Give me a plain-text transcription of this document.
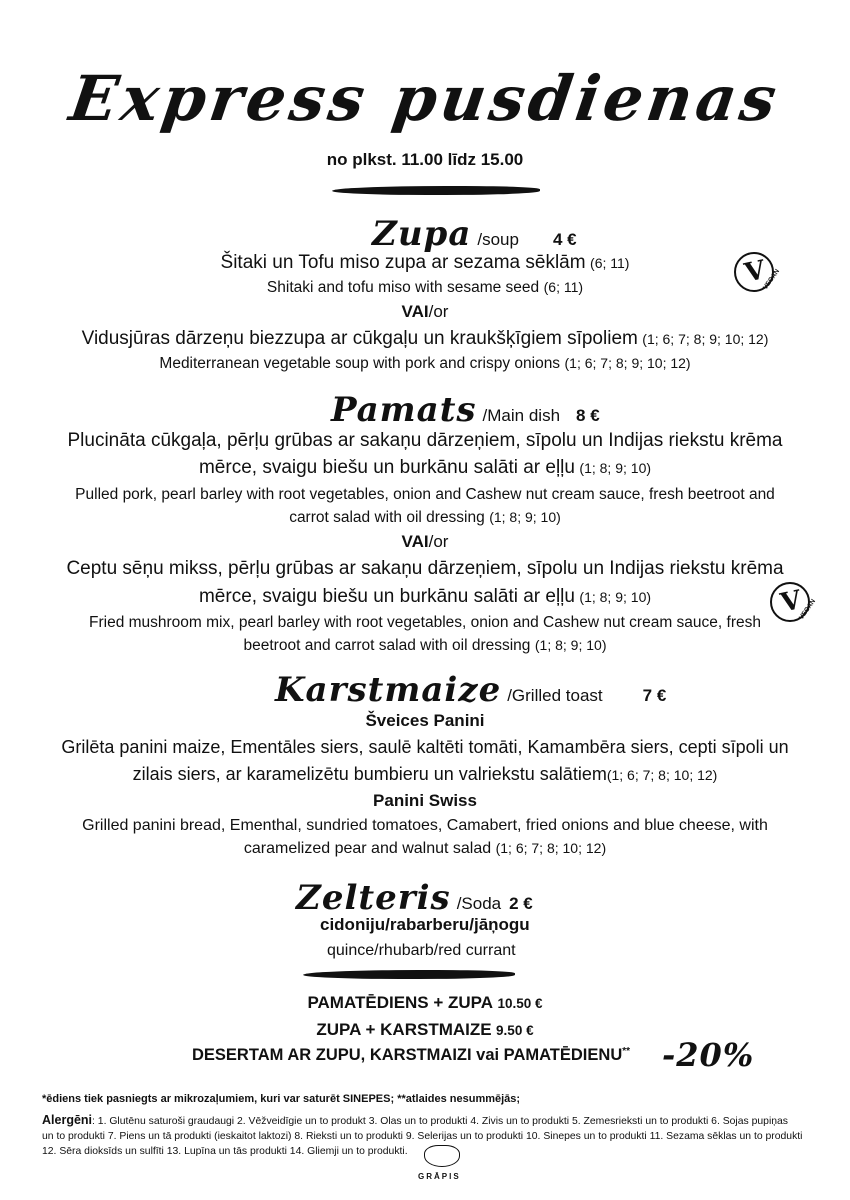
Express pusdienas
no plkst. 11.00 līdz 15.00
Zupa /soup 4 €
Šitaki un Tofu miso zupa ar sezama sēklām (6; 11)
Shitaki and tofu miso with sesame seed (6; 11)
VAI/or
Vidusjūras dārzeņu biezzupa ar cūkgaļu un kraukšķīgiem sīpoliem (1; 6; 7; 8; 9; 10; 12)
Mediterranean vegetable soup with pork and crispy onions (1; 6; 7; 8; 9; 10; 12)
V
VEGAN
Pamats /Main dish 8 €
Plucināta cūkgaļa, pērļu grūbas ar sakaņu dārzeņiem, sīpolu un Indijas riekstu krēma
mērce, svaigu biešu un burkānu salāti ar eļļu (1; 8; 9; 10)
Pulled pork, pearl barley with root vegetables, onion and Cashew nut cream sauce, fresh beetroot and
carrot salad with oil dressing (1; 8; 9; 10)
VAI/or
Ceptu sēņu mikss, pērļu grūbas ar sakaņu dārzeņiem, sīpolu un Indijas riekstu krēma
mērce, svaigu biešu un burkānu salāti ar eļļu (1; 8; 9; 10)
Fried mushroom mix, pearl barley with root vegetables, onion and Cashew nut cream sauce, fresh
beetroot and carrot salad with oil dressing (1; 8; 9; 10)
V
VEGAN
Karstmaize /Grilled toast 7 €
Šveices Panini
Grilēta panini maize, Ementāles siers, saulē kaltēti tomāti, Kamambēra siers, cepti sīpoli un
zilais siers, ar karamelizētu bumbieru un valriekstu salātiem(1; 6; 7; 8; 10; 12)
Panini Swiss
Grilled panini bread, Ementhal, sundried tomatoes, Camabert, fried onions and blue cheese, with
caramelized pear and walnut salad (1; 6; 7; 8; 10; 12)
Zelteris /Soda 2 €
cidoniju/rabarberu/jāņogu
quince/rhubarb/red currant
PAMATĒDIENS + ZUPA 10.50 €
ZUPA + KARSTMAIZE 9.50 €
DESERTAM AR ZUPU, KARSTMAIZI vai PAMATĒDIENU** -20%
*ēdiens tiek pasniegts ar mikrozaļumiem, kuri var saturēt SINEPES; **atlaides nesummējās;
Alergēni: 1. Glutēnu saturoši graudaugi 2. Vēžveidīgie un to produkt 3. Olas un to produkti 4. Zivis un to produkti 5. Zemesrieksti un to produkti 6. Sojas pupiņas
un to produkti 7. Piens un tā produkti (ieskaitot laktozi) 8. Rieksti un to produkti 9. Selerijas un to produkti 10. Sinepes un to produkti 11. Sezama sēklas un to produkti
12. Sēra dioksīds un sulfīti 13. Lupīna un tās produkti 14. Gliemji un to produkti.
GRĀPIS
